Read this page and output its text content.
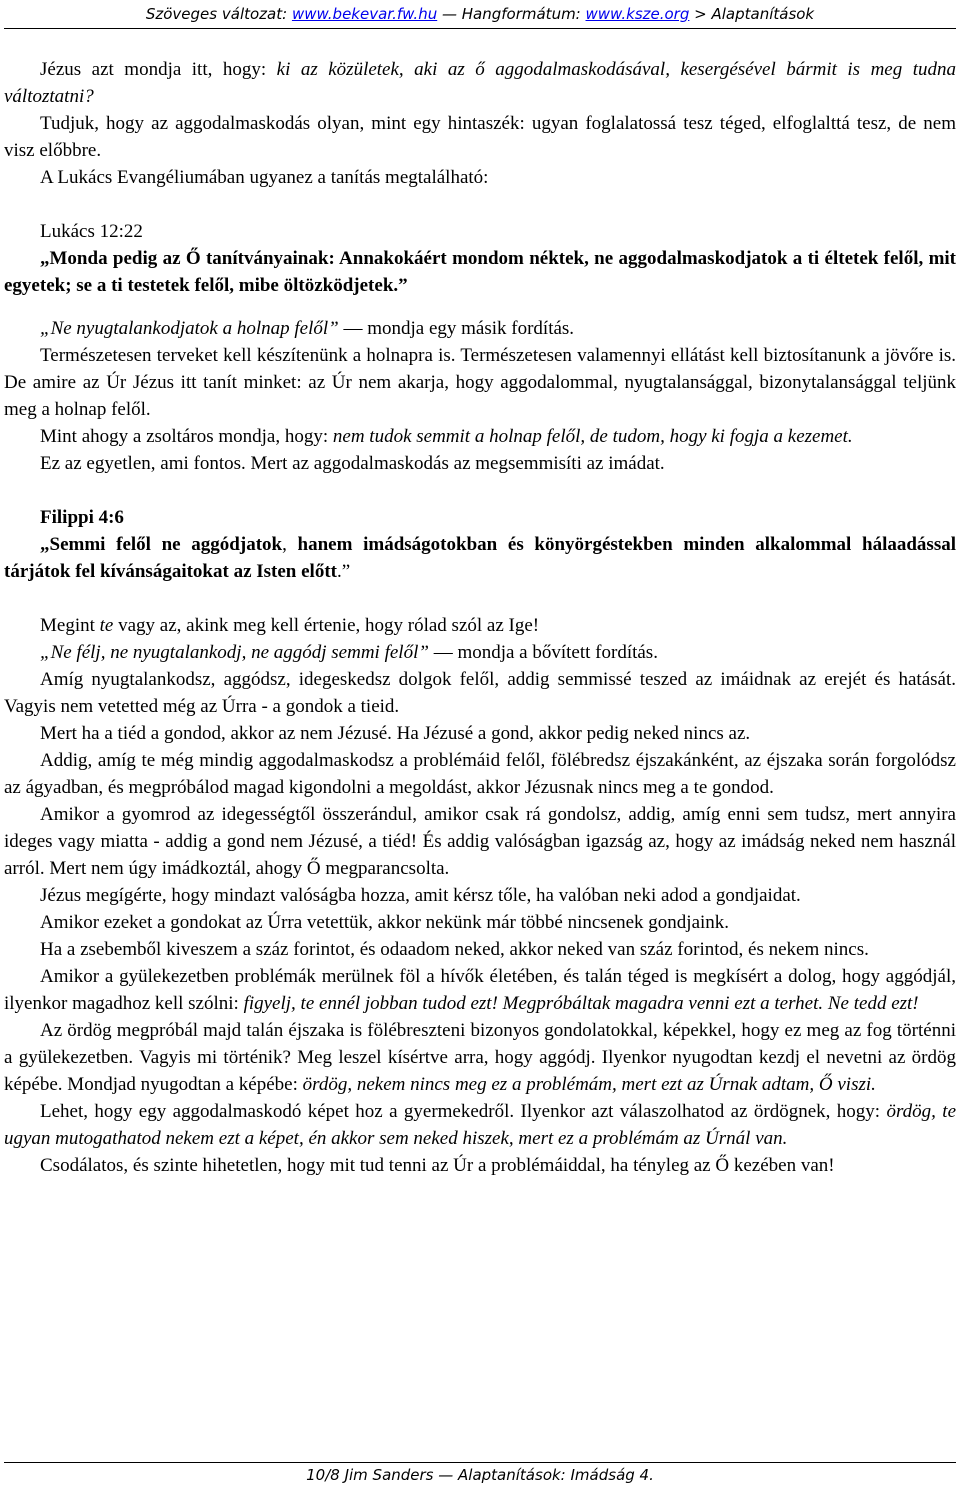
Szöveges változat: www.bekevar.fw.hu — Hangformátum: www.ksze.org > Alaptanítások

Jézus azt mondja itt, hogy: ki az közületek, aki az ő aggodalmaskodásával, kesergésével bármit is meg tudna változtatni?

Tudjuk, hogy az aggodalmaskodás olyan, mint egy hintaszék: ugyan foglalatossá tesz téged, elfoglalttá tesz, de nem visz előbbre.

A Lukács Evangéliumában ugyanez a tanítás megtalálható:

Lukács 12:22

„Monda pedig az Ő tanítványainak: Annakokáért mondom néktek, ne aggodalmaskodjatok a ti éltetek felől, mit egyetek; se a ti testetek felől, mibe öltözködjetek.”

„Ne nyugtalankodjatok a holnap felől” — mondja egy másik fordítás.

Természetesen terveket kell készítenünk a holnapra is. Természetesen valamennyi ellátást kell biztosítanunk a jövőre is. De amire az Úr Jézus itt tanít minket: az Úr nem akarja, hogy aggodalommal, nyugtalansággal, bizonytalansággal teljünk meg a holnap felől.

Mint ahogy a zsoltáros mondja, hogy: nem tudok semmit a holnap felől, de tudom, hogy ki fogja a kezemet.

Ez az egyetlen, ami fontos. Mert az aggodalmaskodás az megsemmisíti az imádat.

Filippi 4:6

„Semmi felől ne aggódjatok, hanem imádságotokban és könyörgéstekben minden alkalommal hálaadással tárjátok fel kívánságaitokat az Isten előtt.”

Megint te vagy az, akink meg kell értenie, hogy rólad szól az Ige!

„Ne félj, ne nyugtalankodj, ne aggódj semmi felől” — mondja a bővített fordítás.

Amíg nyugtalankodsz, aggódsz, idegeskedsz dolgok felől, addig semmissé teszed az imáidnak az erejét és hatását. Vagyis nem vetetted még az Úrra - a gondok a tieid.

Mert ha a tiéd a gondod, akkor az nem Jézusé. Ha Jézusé a gond, akkor pedig neked nincs az.

Addig, amíg te még mindig aggodalmaskodsz a problémáid felől, fölébredsz éjszakánként, az éjszaka során forgolódsz az ágyadban, és megpróbálod magad kigondolni a megoldást, akkor Jézusnak nincs meg a te gondod.

Amikor a gyomrod az idegességtől összerándul, amikor csak rá gondolsz, addig, amíg enni sem tudsz, mert annyira ideges vagy miatta - addig a gond nem Jézusé, a tiéd! És addig valóságban igazság az, hogy az imádság neked nem használ arról. Mert nem úgy imádkoztál, ahogy Ő megparancsolta.

Jézus megígérte, hogy mindazt valóságba hozza, amit kérsz tőle, ha valóban neki adod a gondjaidat.

Amikor ezeket a gondokat az Úrra vetettük, akkor nekünk már többé nincsenek gondjaink.

Ha a zsebemből kiveszem a száz forintot, és odaadom neked, akkor neked van száz forintod, és nekem nincs.

Amikor a gyülekezetben problémák merülnek föl a hívők életében, és talán téged is megkísért a dolog, hogy aggódjál, ilyenkor magadhoz kell szólni: figyelj, te ennél jobban tudod ezt! Megpróbáltak magadra venni ezt a terhet. Ne tedd ezt!

Az ördög megpróbál majd talán éjszaka is fölébreszteni bizonyos gondolatokkal, képekkel, hogy ez meg az fog történni a gyülekezetben. Vagyis mi történik? Meg leszel kísértve arra, hogy aggódj. Ilyenkor nyugodtan kezdj el nevetni az ördög képébe. Mondjad nyugodtan a képébe: ördög, nekem nincs meg ez a problémám, mert ezt az Úrnak adtam, Ő viszi.

Lehet, hogy egy aggodalmaskodó képet hoz a gyermekedről. Ilyenkor azt válaszolhatod az ördögnek, hogy: ördög, te ugyan mutogathatod nekem ezt a képet, én akkor sem neked hiszek, mert ez a problémám az Úrnál van.

Csodálatos, és szinte hihetetlen, hogy mit tud tenni az Úr a problémáiddal, ha tényleg az Ő kezében van!

10/8 Jim Sanders — Alaptanítások: Imádság 4.
